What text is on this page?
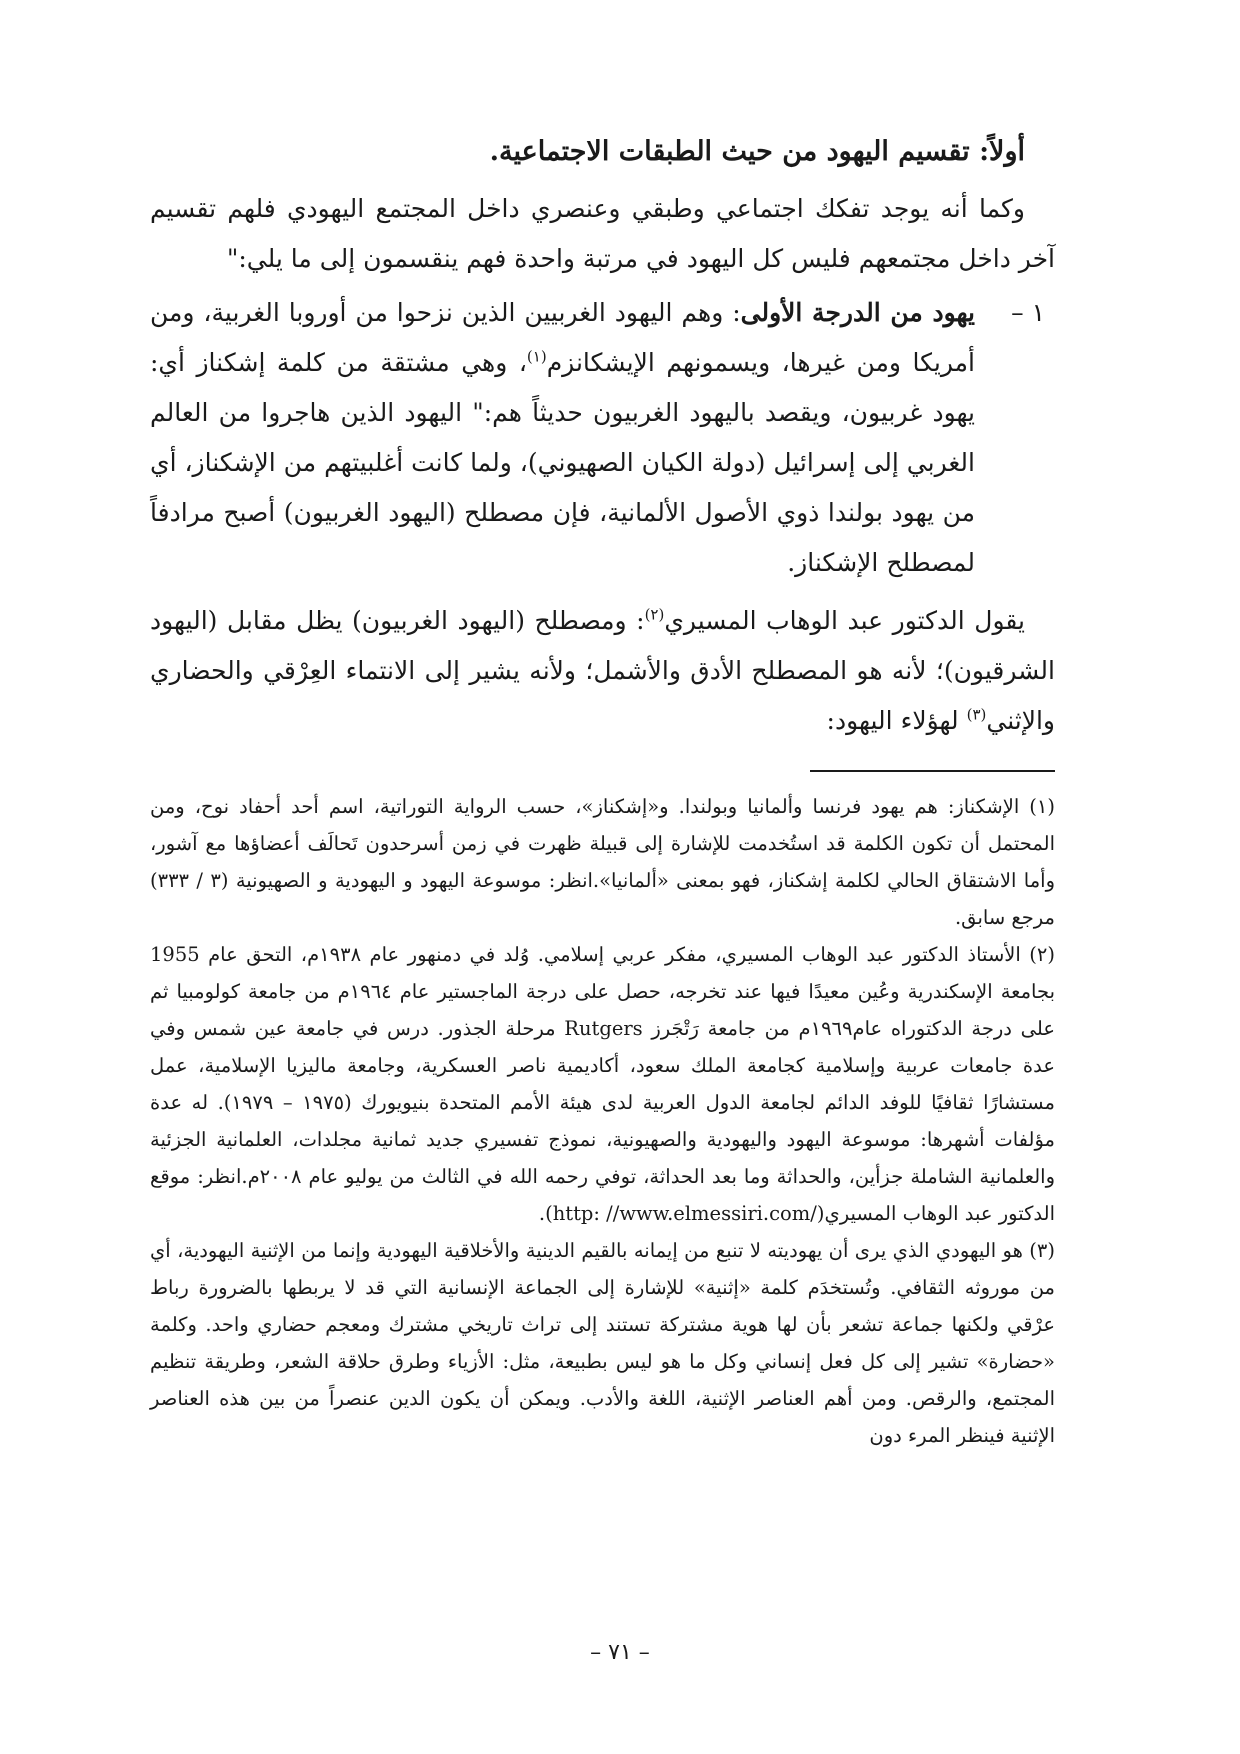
أولاً: تقسيم اليهود من حيث الطبقات الاجتماعية.

وكما أنه يوجد تفكك اجتماعي وطبقي وعنصري داخل المجتمع اليهودي فلهم تقسيم آخر داخل مجتمعهم فليس كل اليهود في مرتبة واحدة فهم ينقسمون إلى ما يلي:"

١ –
يهود من الدرجة الأولى: وهم اليهود الغربيين الذين نزحوا من أوروبا الغربية، ومن أمريكا ومن غيرها، ويسمونهم الإيشكانزم$^{(١)}$، وهي مشتقة من كلمة إشكناز أي: يهود غربيون، ويقصد باليهود الغربيون حديثاً هم:" اليهود الذين هاجروا من العالم الغربي إلى إسرائيل (دولة الكيان الصهيوني)، ولما كانت أغلبيتهم من الإشكناز، أي من يهود بولندا ذوي الأصول الألمانية، فإن مصطلح (اليهود الغربيون) أصبح مرادفاً لمصطلح الإشكناز.

يقول الدكتور عبد الوهاب المسيري$^{(٢)}$: ومصطلح (اليهود الغربيون) يظل مقابل (اليهود الشرقيون)؛ لأنه هو المصطلح الأدق والأشمل؛ ولأنه يشير إلى الانتماء العِرْقي والحضاري والإثني$^{(٣)}$ لهؤلاء اليهود:

(١) الإشكناز: هم يهود فرنسا وألمانيا وبولندا. و«إشكناز»، حسب الرواية التوراتية، اسم أحد أحفاد نوح، ومن المحتمل أن تكون الكلمة قد استُخدمت للإشارة إلى قبيلة ظهرت في زمن أسرحدون تَحالَف أعضاؤها مع آشور، وأما الاشتقاق الحالي لكلمة إشكناز، فهو بمعنى «ألمانيا».انظر: موسوعة اليهود و اليهودية و الصهيونية (٣ / ٣٣٣) مرجع سابق.

(٢) الأستاذ الدكتور عبد الوهاب المسيري، مفكر عربي إسلامي. وُلد في دمنهور عام ١٩٣٨م، التحق عام 1955 بجامعة الإسكندرية وعُين معيدًا فيها عند تخرجه، حصل على درجة الماجستير عام ١٩٦٤م من جامعة كولومبيا ثم على درجة الدكتوراه عام١٩٦٩م من جامعة رَتْجَرز Rutgers مرحلة الجذور. درس في جامعة عين شمس وفي عدة جامعات عربية وإسلامية كجامعة الملك سعود، أكاديمية ناصر العسكرية، وجامعة ماليزيا الإسلامية، عمل مستشارًا ثقافيًا للوفد الدائم لجامعة الدول العربية لدى هيئة الأمم المتحدة بنيويورك (١٩٧٥ – ١٩٧٩). له عدة مؤلفات أشهرها: موسوعة اليهود واليهودية والصهيونية، نموذج تفسيري جديد ثمانية مجلدات، العلمانية الجزئية والعلمانية الشاملة جزأين، والحداثة وما بعد الحداثة، توفي رحمه الله في الثالث من يوليو عام ٢٠٠٨م.انظر: موقع الدكتور عبد الوهاب المسيري(http: //www.elmessiri.com/).

(٣) هو اليهودي الذي يرى أن يهوديته لا تنبع من إيمانه بالقيم الدينية والأخلاقية اليهودية وإنما من الإثنية اليهودية، أي من موروثه الثقافي. وتُستخدَم كلمة «إثنية» للإشارة إلى الجماعة الإنسانية التي قد لا يربطها بالضرورة رباط عرْقي ولكنها جماعة تشعر بأن لها هوية مشتركة تستند إلى تراث تاريخي مشترك ومعجم حضاري واحد. وكلمة «حضارة» تشير إلى كل فعل إنساني وكل ما هو ليس بطبيعة، مثل: الأزياء وطرق حلاقة الشعر، وطريقة تنظيم المجتمع، والرقص. ومن أهم العناصر الإثنية، اللغة والأدب. ويمكن أن يكون الدين عنصراً من بين هذه العناصر الإثنية فينظر المرء دون

– ٧١ –
